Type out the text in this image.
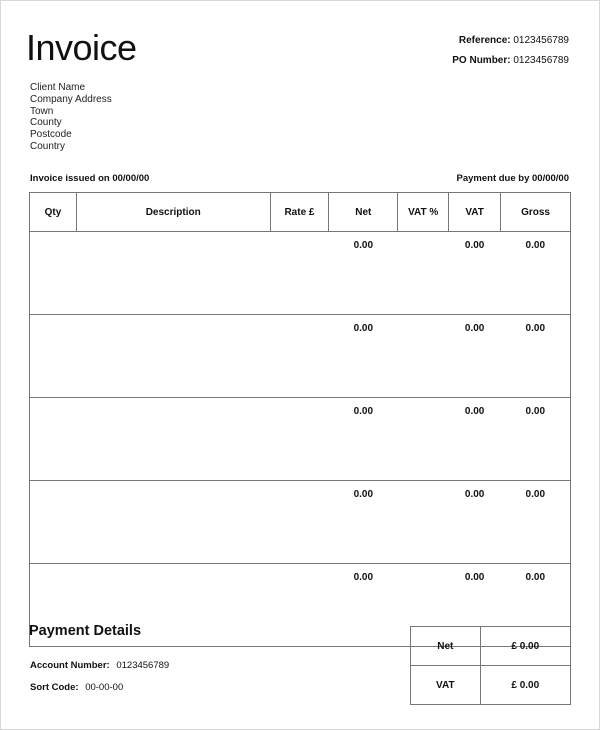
Invoice	Reference: 0123456789
PO Number: 0123456789
Client Name
Company Address
Town
County
Postcode
Country
Invoice issued on 00/00/00	Payment due by 00/00/00
Qty	Description	Rate £	Net	VAT %	VAT	Gross
			0.00		0.00	0.00
			0.00		0.00	0.00
			0.00		0.00	0.00
			0.00		0.00	0.00
			0.00		0.00	0.00
Payment Details
Account Number: 0123456789
Sort Code: 00-00-00
Net	£ 0.00
VAT	£ 0.00
